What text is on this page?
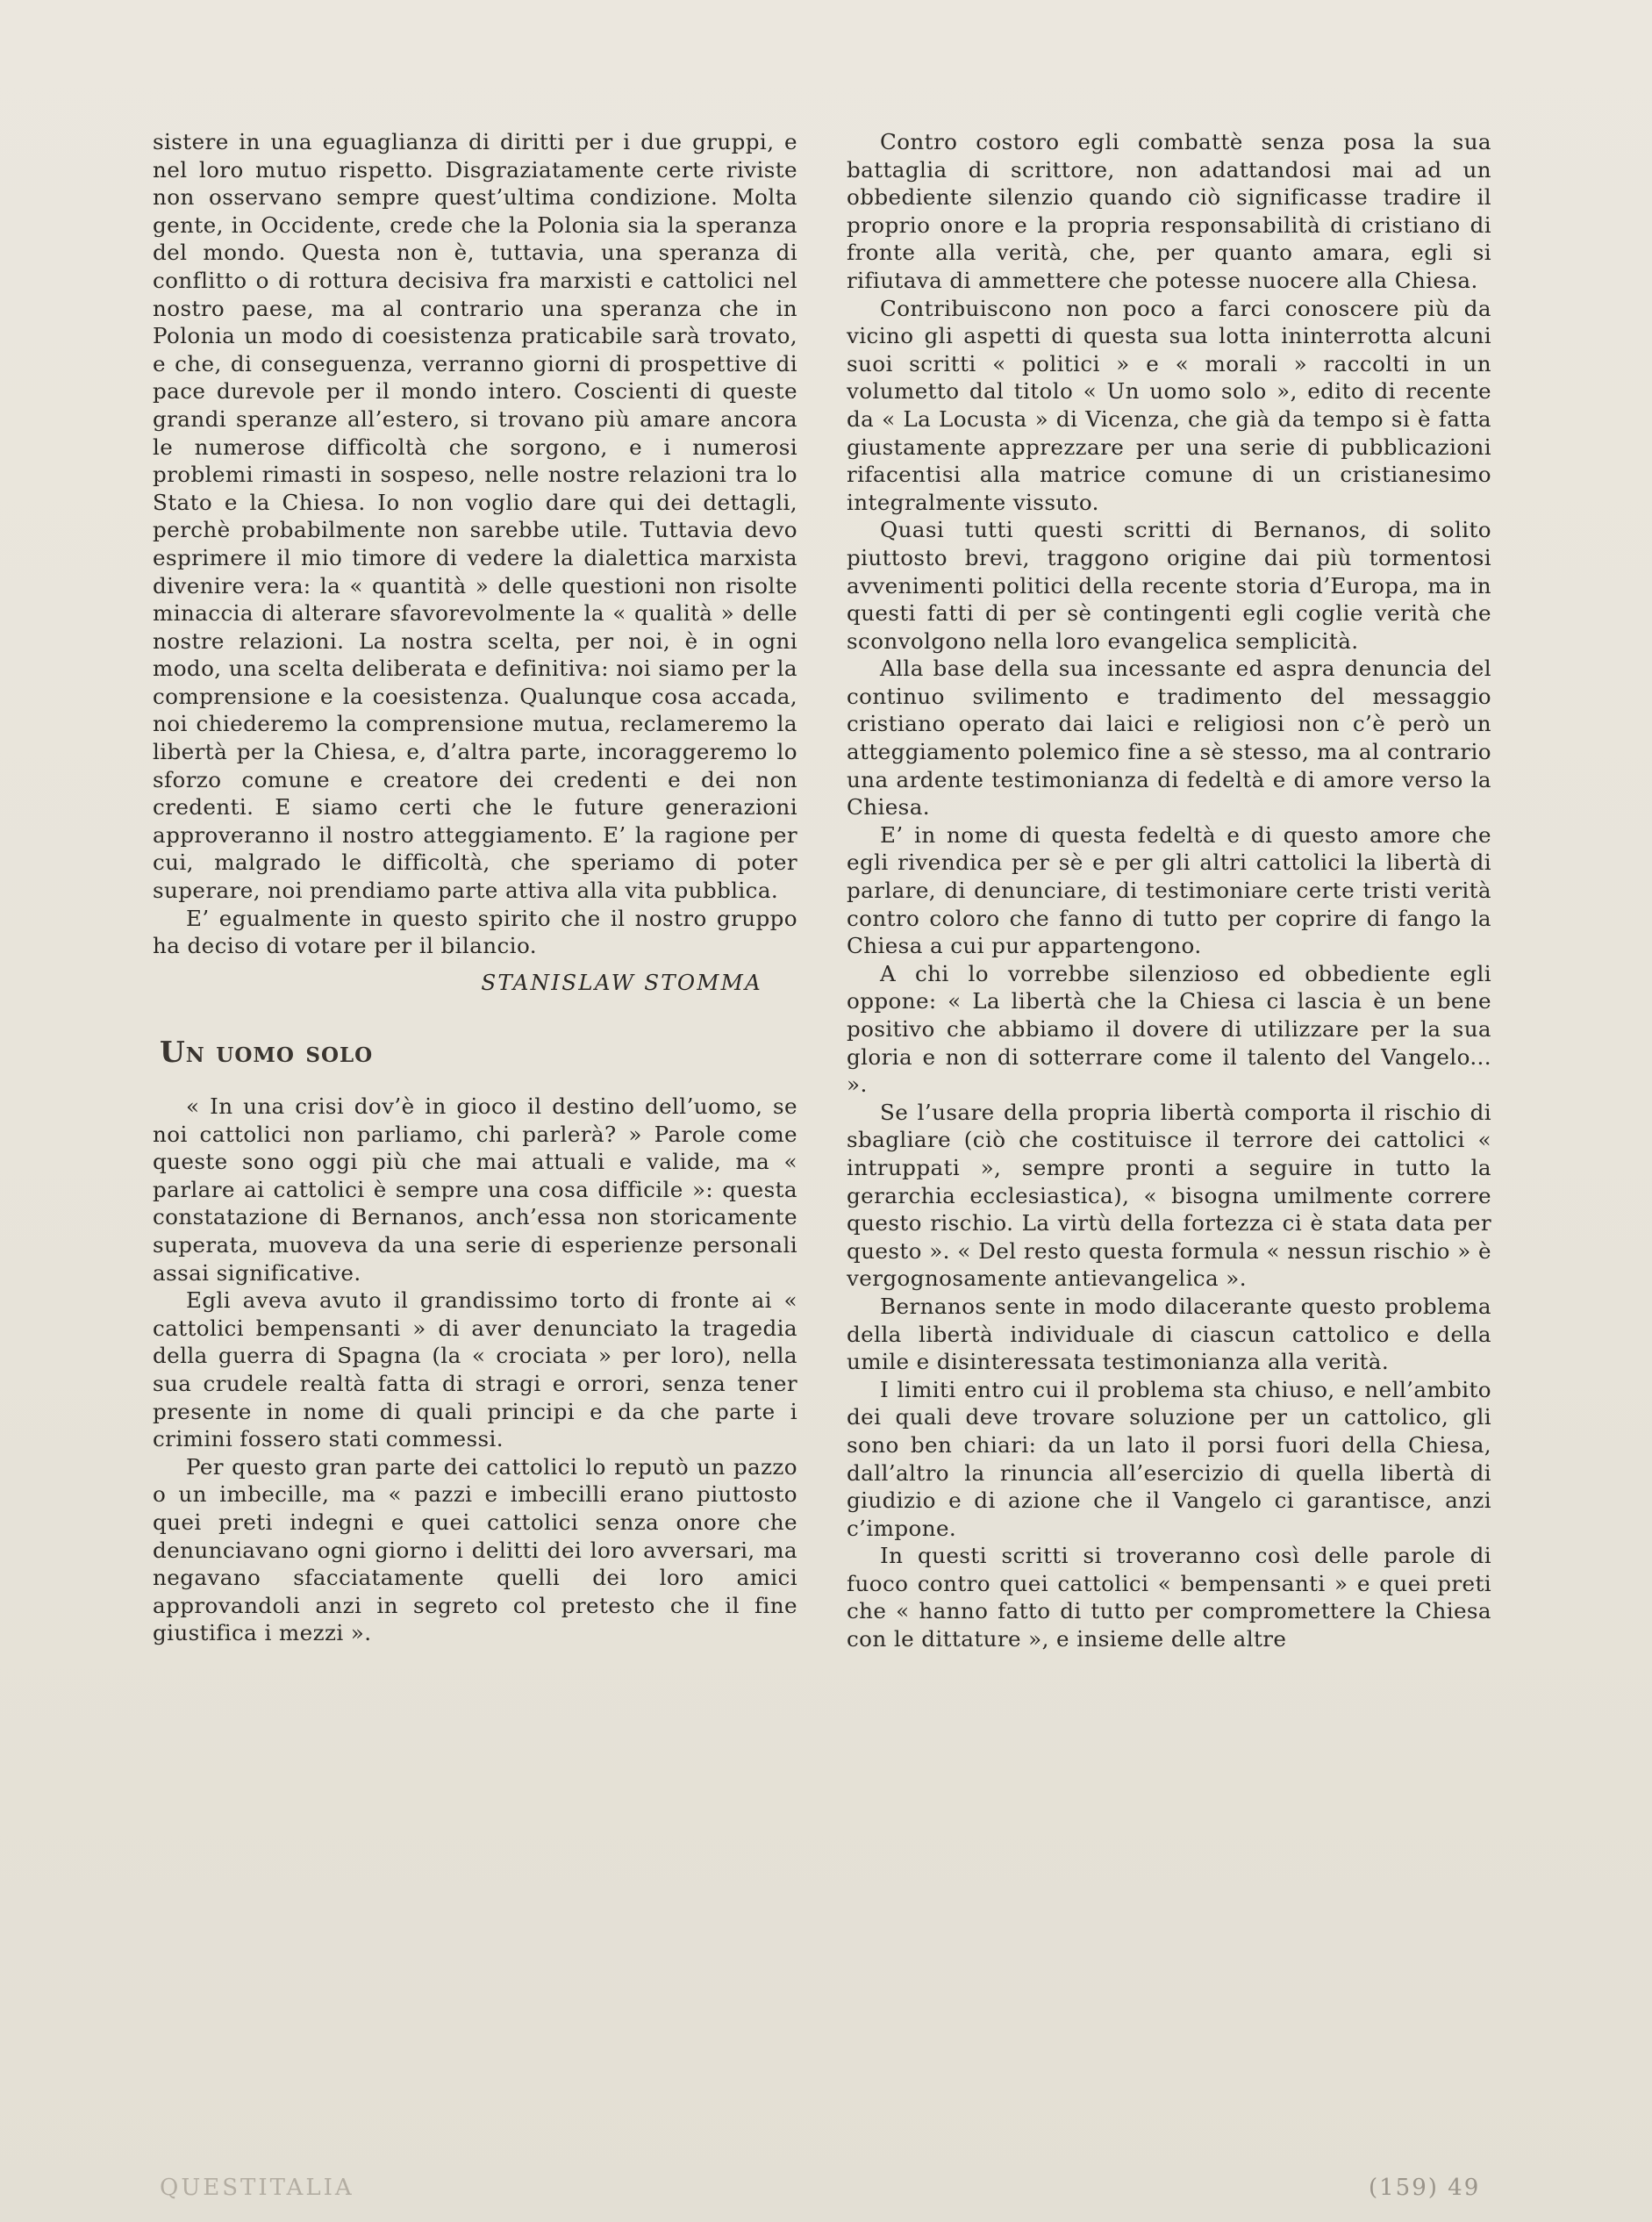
sistere in una eguaglianza di diritti per i due gruppi, e nel loro mutuo rispetto. Disgraziatamente certe riviste non osservano sempre quest’ultima condizione. Molta gente, in Occidente, crede che la Polonia sia la speranza del mondo. Questa non è, tuttavia, una speranza di conflitto o di rottura decisiva fra marxisti e cattolici nel nostro paese, ma al contrario una speranza che in Polonia un modo di coesistenza praticabile sarà trovato, e che, di conseguenza, verranno giorni di prospettive di pace durevole per il mondo intero. Coscienti di queste grandi speranze all’estero, si trovano più amare ancora le numerose difficoltà che sorgono, e i numerosi problemi rimasti in sospeso, nelle nostre relazioni tra lo Stato e la Chiesa. Io non voglio dare qui dei dettagli, perchè probabilmente non sarebbe utile. Tuttavia devo esprimere il mio timore di vedere la dialettica marxista divenire vera: la « quantità » delle questioni non risolte minaccia di alterare sfavorevolmente la « qualità » delle nostre relazioni. La nostra scelta, per noi, è in ogni modo, una scelta deliberata e definitiva: noi siamo per la comprensione e la coesistenza. Qualunque cosa accada, noi chiederemo la comprensione mutua, reclameremo la libertà per la Chiesa, e, d’altra parte, incoraggeremo lo sforzo comune e creatore dei credenti e dei non credenti. E siamo certi che le future generazioni approveranno il nostro atteggiamento. E’ la ragione per cui, malgrado le difficoltà, che speriamo di poter superare, noi prendiamo parte attiva alla vita pubblica.

E’ egualmente in questo spirito che il nostro gruppo ha deciso di votare per il bilancio.

STANISLAW STOMMA

Un uomo solo

« In una crisi dov’è in gioco il destino dell’uomo, se noi cattolici non parliamo, chi parlerà? » Parole come queste sono oggi più che mai attuali e valide, ma « parlare ai cattolici è sempre una cosa difficile »: questa constatazione di Bernanos, anch’essa non storicamente superata, muoveva da una serie di esperienze personali assai significative.

Egli aveva avuto il grandissimo torto di fronte ai « cattolici bempensanti » di aver denunciato la tragedia della guerra di Spagna (la « crociata » per loro), nella sua crudele realtà fatta di stragi e orrori, senza tener presente in nome di quali principi e da che parte i crimini fossero stati commessi.

Per questo gran parte dei cattolici lo reputò un pazzo o un imbecille, ma « pazzi e imbecilli erano piuttosto quei preti indegni e quei cattolici senza onore che denunciavano ogni giorno i delitti dei loro avversari, ma negavano sfacciatamente quelli dei loro amici approvandoli anzi in segreto col pretesto che il fine giustifica i mezzi ».

Contro costoro egli combattè senza posa la sua battaglia di scrittore, non adattandosi mai ad un obbediente silenzio quando ciò significasse tradire il proprio onore e la propria responsabilità di cristiano di fronte alla verità, che, per quanto amara, egli si rifiutava di ammettere che potesse nuocere alla Chiesa.

Contribuiscono non poco a farci conoscere più da vicino gli aspetti di questa sua lotta ininterrotta alcuni suoi scritti « politici » e « morali » raccolti in un volumetto dal titolo « Un uomo solo », edito di recente da « La Locusta » di Vicenza, che già da tempo si è fatta giustamente apprezzare per una serie di pubblicazioni rifacentisi alla matrice comune di un cristianesimo integralmente vissuto.

Quasi tutti questi scritti di Bernanos, di solito piuttosto brevi, traggono origine dai più tormentosi avvenimenti politici della recente storia d’Europa, ma in questi fatti di per sè contingenti egli coglie verità che sconvolgono nella loro evangelica semplicità.

Alla base della sua incessante ed aspra denuncia del continuo svilimento e tradimento del messaggio cristiano operato dai laici e religiosi non c’è però un atteggiamento polemico fine a sè stesso, ma al contrario una ardente testimonianza di fedeltà e di amore verso la Chiesa.

E’ in nome di questa fedeltà e di questo amore che egli rivendica per sè e per gli altri cattolici la libertà di parlare, di denunciare, di testimoniare certe tristi verità contro coloro che fanno di tutto per coprire di fango la Chiesa a cui pur appartengono.

A chi lo vorrebbe silenzioso ed obbediente egli oppone: « La libertà che la Chiesa ci lascia è un bene positivo che abbiamo il dovere di utilizzare per la sua gloria e non di sotterrare come il talento del Vangelo... ».

Se l’usare della propria libertà comporta il rischio di sbagliare (ciò che costituisce il terrore dei cattolici « intruppati », sempre pronti a seguire in tutto la gerarchia ecclesiastica), « bisogna umilmente correre questo rischio. La virtù della fortezza ci è stata data per questo ». « Del resto questa formula « nessun rischio » è vergognosamente antievangelica ».

Bernanos sente in modo dilacerante questo problema della libertà individuale di ciascun cattolico e della umile e disinteressata testimonianza alla verità.

I limiti entro cui il problema sta chiuso, e nell’ambito dei quali deve trovare soluzione per un cattolico, gli sono ben chiari: da un lato il porsi fuori della Chiesa, dall’altro la rinuncia all’esercizio di quella libertà di giudizio e di azione che il Vangelo ci garantisce, anzi c’impone.

In questi scritti si troveranno così delle parole di fuoco contro quei cattolici « bempensanti » e quei preti che « hanno fatto di tutto per compromettere la Chiesa con le dittature », e insieme delle altre

QUESTITALIA	(159) 49
